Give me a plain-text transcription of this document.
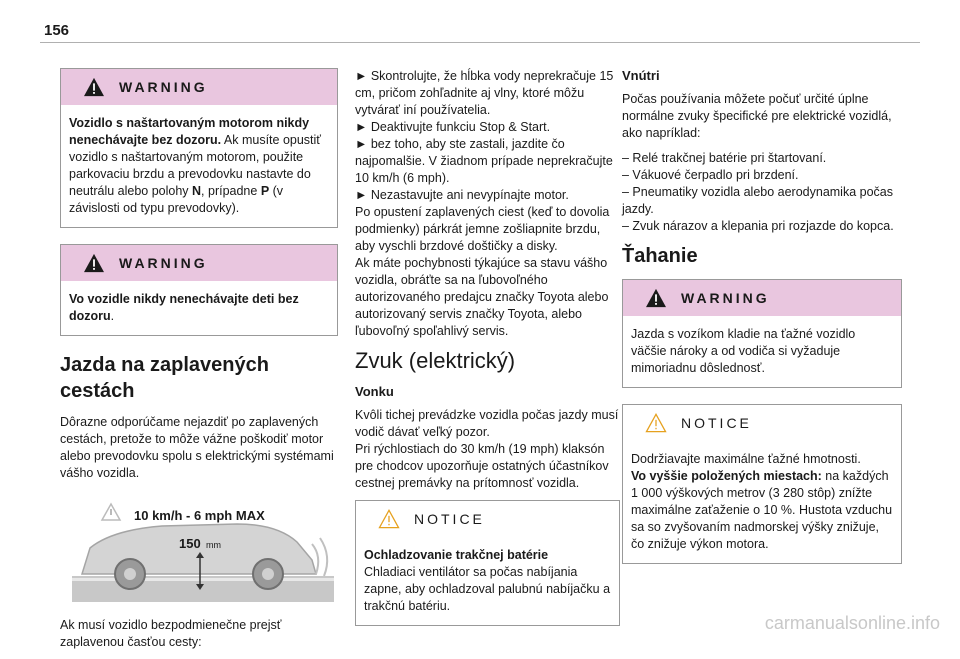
156
WARNING
Vozidlo s naštartovaným motorom nikdy nenechávajte bez dozoru. Ak musíte opustiť vozidlo s naštartovaným motorom, použite parkovaciu brzdu a prevodovku nastavte do neutrálu alebo polohy N, prípadne P (v závislosti od typu prevodovky).
WARNING
Vo vozidle nikdy nenechávajte deti bez dozoru.
Jazda na zaplavených cestách

Dôrazne odporúčame nejazdiť po zaplavených cestách, pretože to môže vážne poškodiť motor alebo prevodovku spolu s elektrickými systémami vášho vozidla.

10 km/h - 6 mph MAX
150 mm

Ak musí vozidlo bezpodmienečne prejsť zaplavenou časťou cesty:

► Skontrolujte, že hĺbka vody neprekračuje 15 cm, pričom zohľadnite aj vlny, ktoré môžu vytvárať iní používatelia.
► Deaktivujte funkciu Stop & Start.
► bez toho, aby ste zastali, jazdite čo najpomalšie. V žiadnom prípade neprekračujte 10 km/h (6 mph).
► Nezastavujte ani nevypínajte motor.
Po opustení zaplavených ciest (keď to dovolia podmienky) párkrát jemne zošliapnite brzdu, aby vyschli brzdové doštičky a disky.
Ak máte pochybnosti týkajúce sa stavu vášho vozidla, obráťte sa na ľubovoľného autorizovaného predajcu značky Toyota alebo autorizovaný servis značky Toyota, alebo ľubovoľný spoľahlivý servis.

Zvuk (elektrický)
Vonku

Kvôli tichej prevádzke vozidla počas jazdy musí vodič dávať veľký pozor.
Pri rýchlostiach do 30 km/h (19 mph) klaksón pre chodcov upozorňuje ostatných účastníkov cestnej premávky na prítomnosť vozidla.

NOTICE
Ochladzovanie trakčnej batérie
Chladiaci ventilátor sa počas nabíjania zapne, aby ochladzoval palubnú nabíjačku a trakčnú batériu.
Vnútri

Počas používania môžete počuť určité úplne normálne zvuky špecifické pre elektrické vozidlá, ako napríklad:

– Relé trakčnej batérie pri štartovaní.
– Vákuové čerpadlo pri brzdení.
– Pneumatiky vozidla alebo aerodynamika počas jazdy.
– Zvuk nárazov a klepania pri rozjazde do kopca.

Ťahanie
WARNING
Jazda s vozíkom kladie na ťažné vozidlo väčšie nároky a od vodiča si vyžaduje mimoriadnu dôslednosť.
NOTICE
Dodržiavajte maximálne ťažné hmotnosti.
Vo vyššie položených miestach: na každých 1 000 výškových metrov (3 280 stôp) znížte maximálne zaťaženie o 10 %. Hustota vzduchu sa so zvyšovaním nadmorskej výšky znižuje, čo znižuje výkon motora.
carmanualsonline.info
